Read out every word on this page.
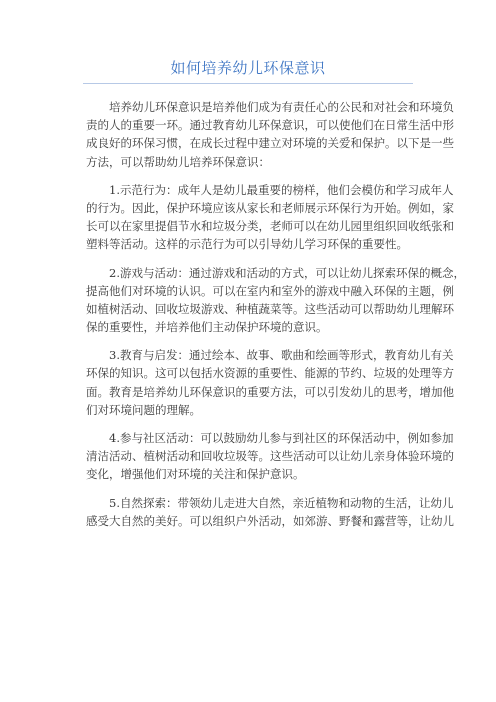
如何培养幼儿环保意识
　　培养幼儿环保意识是培养他们成为有责任心的公民和对社会和环境负
责的人的重要一环。通过教育幼儿环保意识，可以使他们在日常生活中形
成良好的环保习惯，在成长过程中建立对环境的关爱和保护。以下是一些
方法，可以帮助幼儿培养环保意识：
　　1.示范行为：成年人是幼儿最重要的榜样，他们会模仿和学习成年人
的行为。因此，保护环境应该从家长和老师展示环保行为开始。例如，家
长可以在家里提倡节水和垃圾分类，老师可以在幼儿园里组织回收纸张和
塑料等活动。这样的示范行为可以引导幼儿学习环保的重要性。
　　2.游戏与活动：通过游戏和活动的方式，可以让幼儿探索环保的概念，
提高他们对环境的认识。可以在室内和室外的游戏中融入环保的主题，例
如植树活动、回收垃圾游戏、种植蔬菜等。这些活动可以帮助幼儿理解环
保的重要性，并培养他们主动保护环境的意识。
　　3.教育与启发：通过绘本、故事、歌曲和绘画等形式，教育幼儿有关
环保的知识。这可以包括水资源的重要性、能源的节约、垃圾的处理等方
面。教育是培养幼儿环保意识的重要方法，可以引发幼儿的思考，增加他
们对环境问题的理解。
　　4.参与社区活动：可以鼓励幼儿参与到社区的环保活动中，例如参加
清洁活动、植树活动和回收垃圾等。这些活动可以让幼儿亲身体验环境的
变化，增强他们对环境的关注和保护意识。
　　5.自然探索：带领幼儿走进大自然，亲近植物和动物的生活，让幼儿
感受大自然的美好。可以组织户外活动，如郊游、野餐和露营等，让幼儿
